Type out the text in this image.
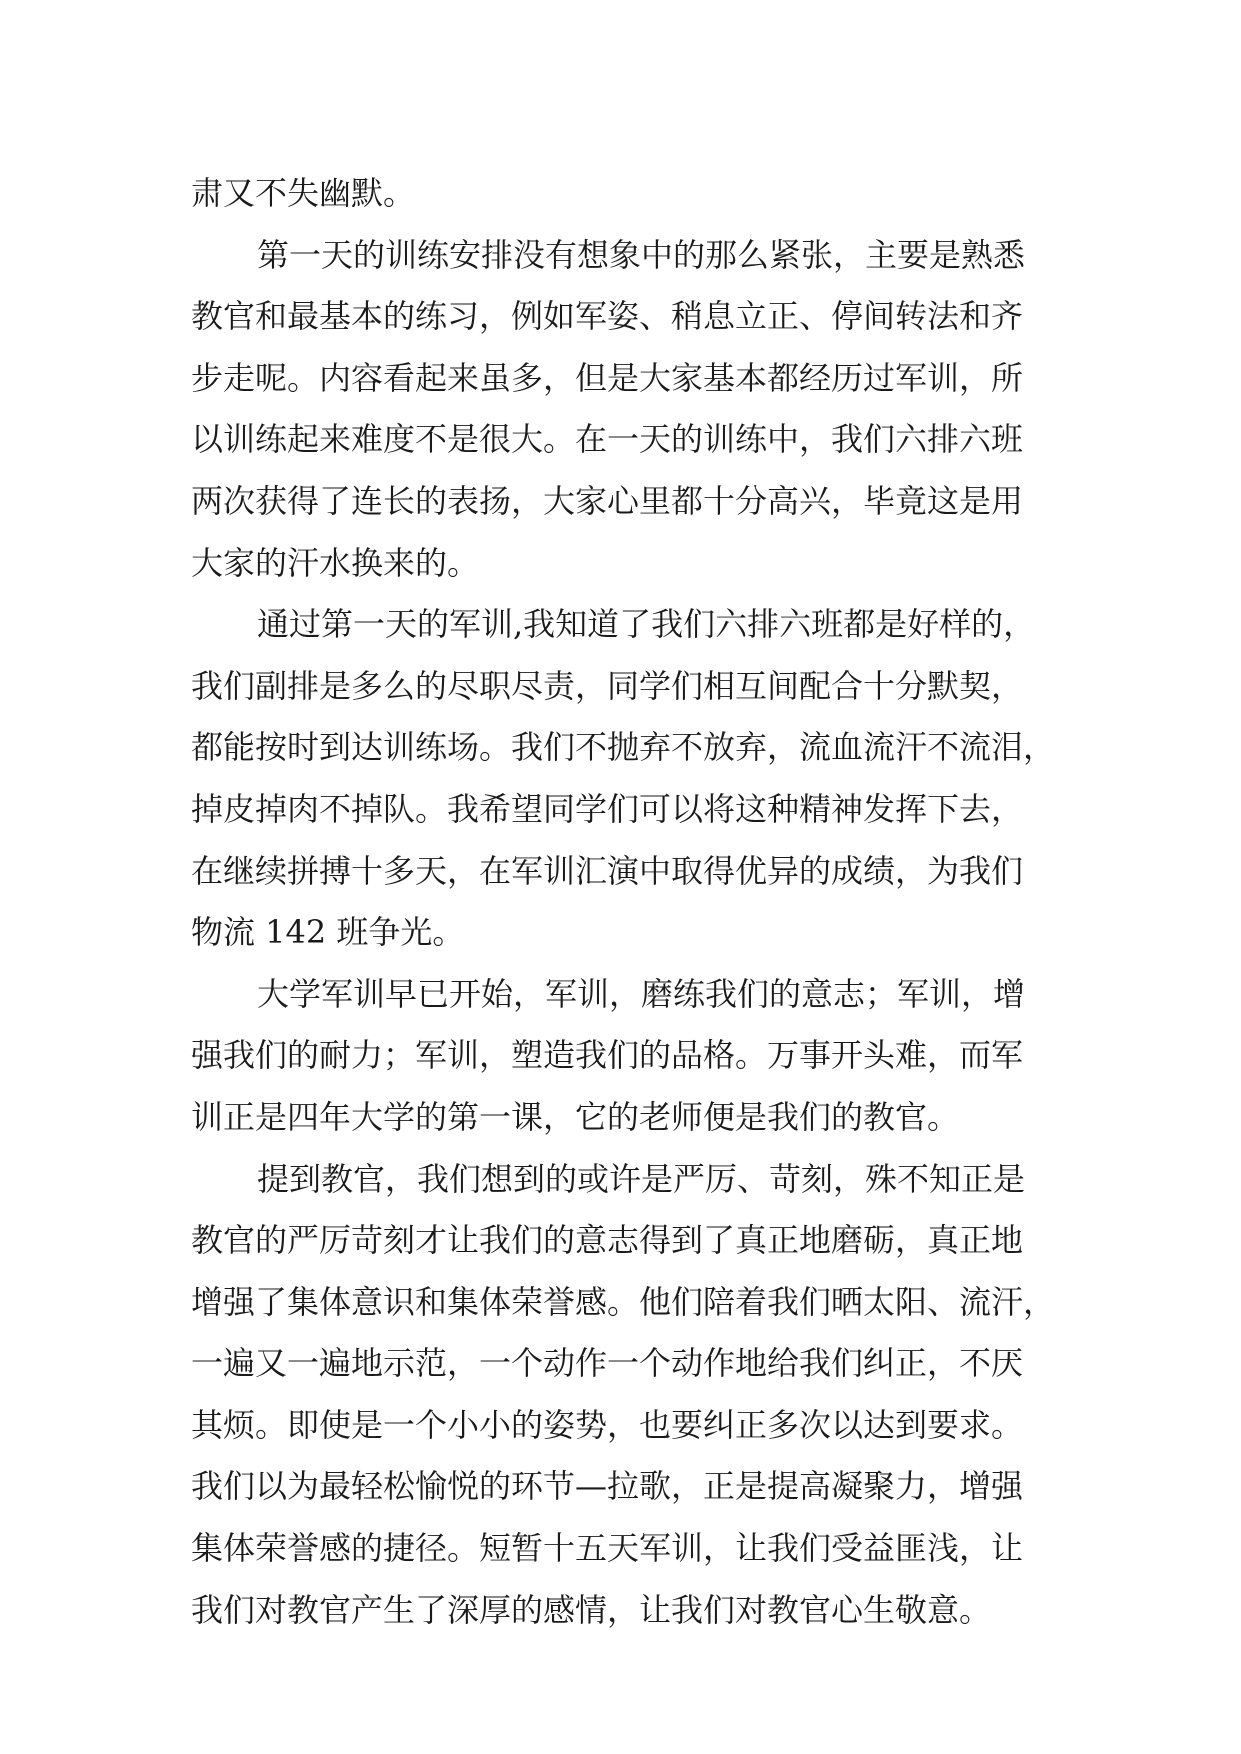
肃又不失幽默。

第一天的训练安排没有想象中的那么紧张，主要是熟悉

教官和最基本的练习，例如军姿、稍息立正、停间转法和齐

步走呢。内容看起来虽多，但是大家基本都经历过军训，所

以训练起来难度不是很大。在一天的训练中，我们六排六班

两次获得了连长的表扬，大家心里都十分高兴，毕竟这是用

大家的汗水换来的。

通过第一天的军训,我知道了我们六排六班都是好样的，

我们副排是多么的尽职尽责，同学们相互间配合十分默契，

都能按时到达训练场。我们不抛弃不放弃，流血流汗不流泪，

掉皮掉肉不掉队。我希望同学们可以将这种精神发挥下去，

在继续拼搏十多天，在军训汇演中取得优异的成绩，为我们

物流 142 班争光。

大学军训早已开始，军训，磨练我们的意志；军训，增

强我们的耐力；军训，塑造我们的品格。万事开头难，而军

训正是四年大学的第一课，它的老师便是我们的教官。

提到教官，我们想到的或许是严厉、苛刻，殊不知正是

教官的严厉苛刻才让我们的意志得到了真正地磨砺，真正地

增强了集体意识和集体荣誉感。他们陪着我们晒太阳、流汗，

一遍又一遍地示范，一个动作一个动作地给我们纠正，不厌

其烦。即使是一个小小的姿势，也要纠正多次以达到要求。

我们以为最轻松愉悦的环节—拉歌，正是提高凝聚力，增强

集体荣誉感的捷径。短暂十五天军训，让我们受益匪浅，让

我们对教官产生了深厚的感情，让我们对教官心生敬意。
